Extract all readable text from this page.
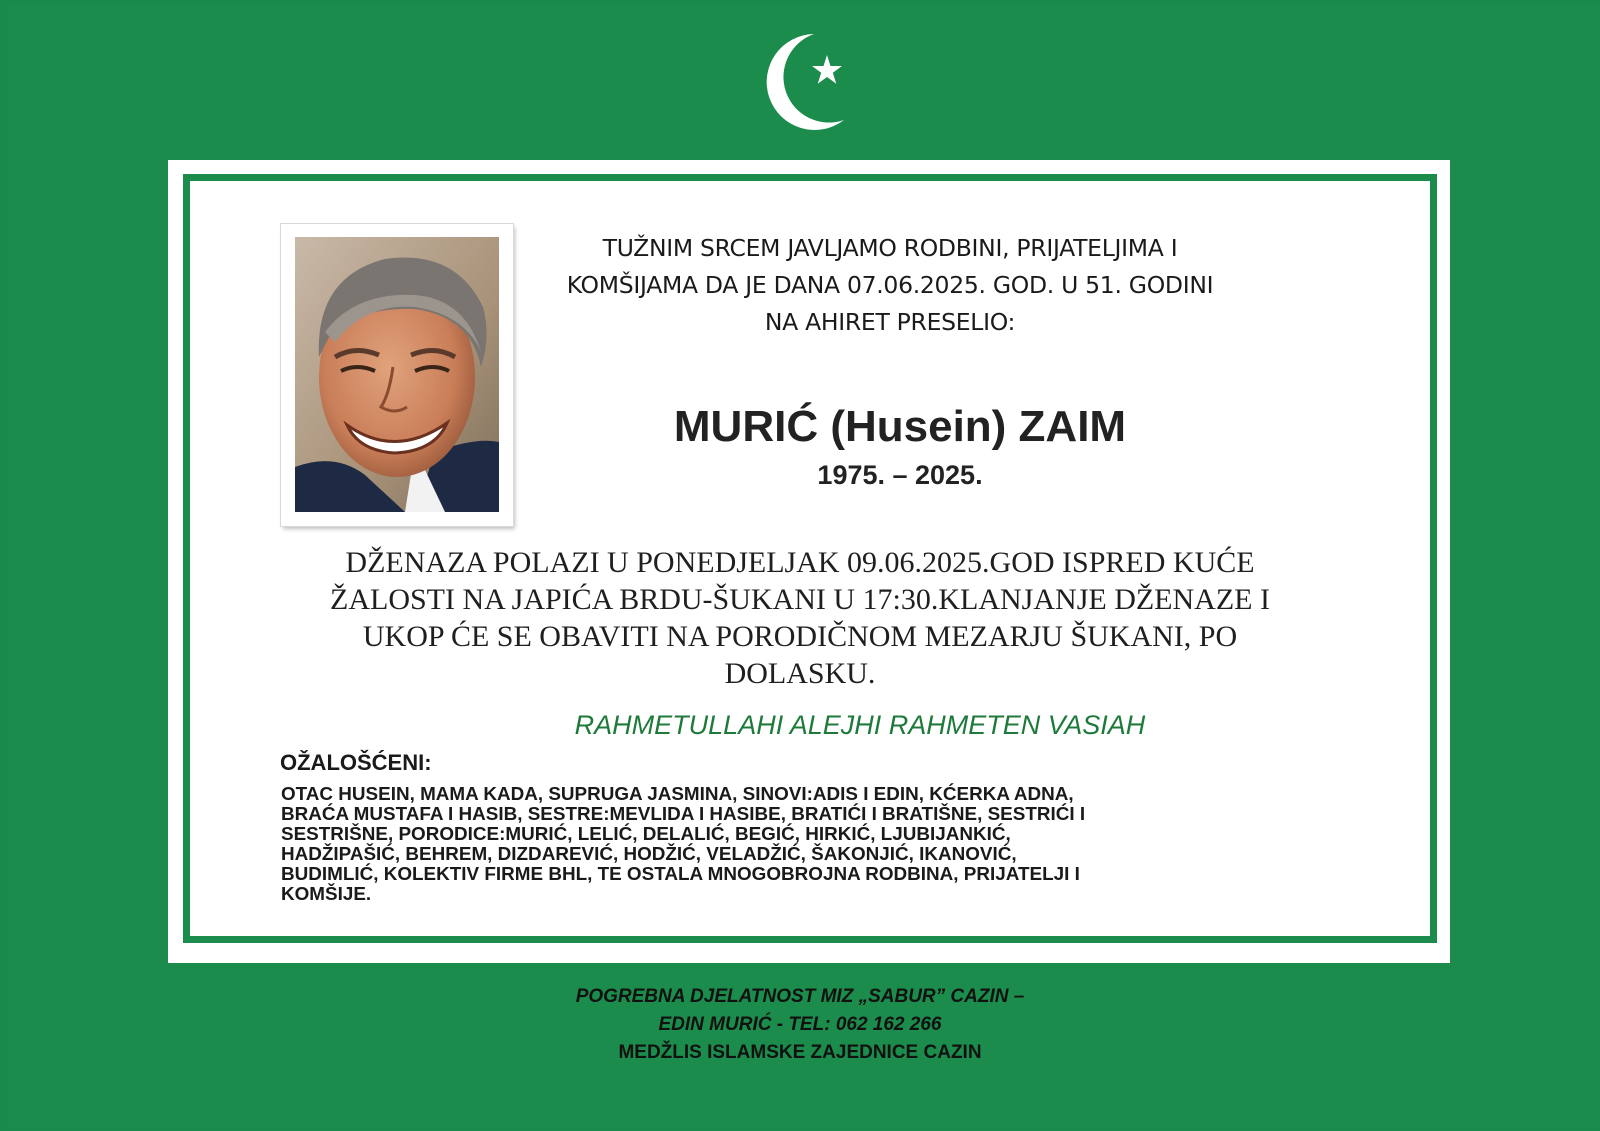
TUŽNIM SRCEM JAVLJAMO RODBINI, PRIJATELJIMA I
KOMŠIJAMA DA JE DANA 07.06.2025. GOD. U 51. GODINI
NA AHIRET PRESELIO:
MURIĆ (Husein) ZAIM
1975. – 2025.
DŽENAZA POLAZI U PONEDJELJAK 09.06.2025.GOD ISPRED KUĆE
ŽALOSTI NA JAPIĆA BRDU-ŠUKANI U 17:30.KLANJANJE DŽENAZE I
UKOP ĆE SE OBAVITI NA PORODIČNOM MEZARJU ŠUKANI, PO
DOLASKU.
RAHMETULLAHI ALEJHI RAHMETEN VASIAH
OŽALOŠĆENI:
OTAC HUSEIN, MAMA KADA, SUPRUGA JASMINA, SINOVI:ADIS I EDIN, KĆERKA ADNA,
BRAĆA MUSTAFA I HASIB, SESTRE:MEVLIDA I HASIBE, BRATIĆI I BRATIŠNE, SESTRIĆI I
SESTRIŠNE, PORODICE:MURIĆ, LELIĆ, DELALIĆ, BEGIĆ, HIRKIĆ, LJUBIJANKIĆ,
HADŽIPAŠIĆ, BEHREM, DIZDAREVIĆ, HODŽIĆ, VELADŽIĆ, ŠAKONJIĆ, IKANOVIĆ,
BUDIMLIĆ, KOLEKTIV FIRME BHL, TE OSTALA MNOGOBROJNA RODBINA, PRIJATELJI I
KOMŠIJE.
POGREBNA DJELATNOST MIZ „SABUR” CAZIN –
EDIN MURIĆ - TEL: 062 162 266
MEDŽLIS ISLAMSKE ZAJEDNICE CAZIN
